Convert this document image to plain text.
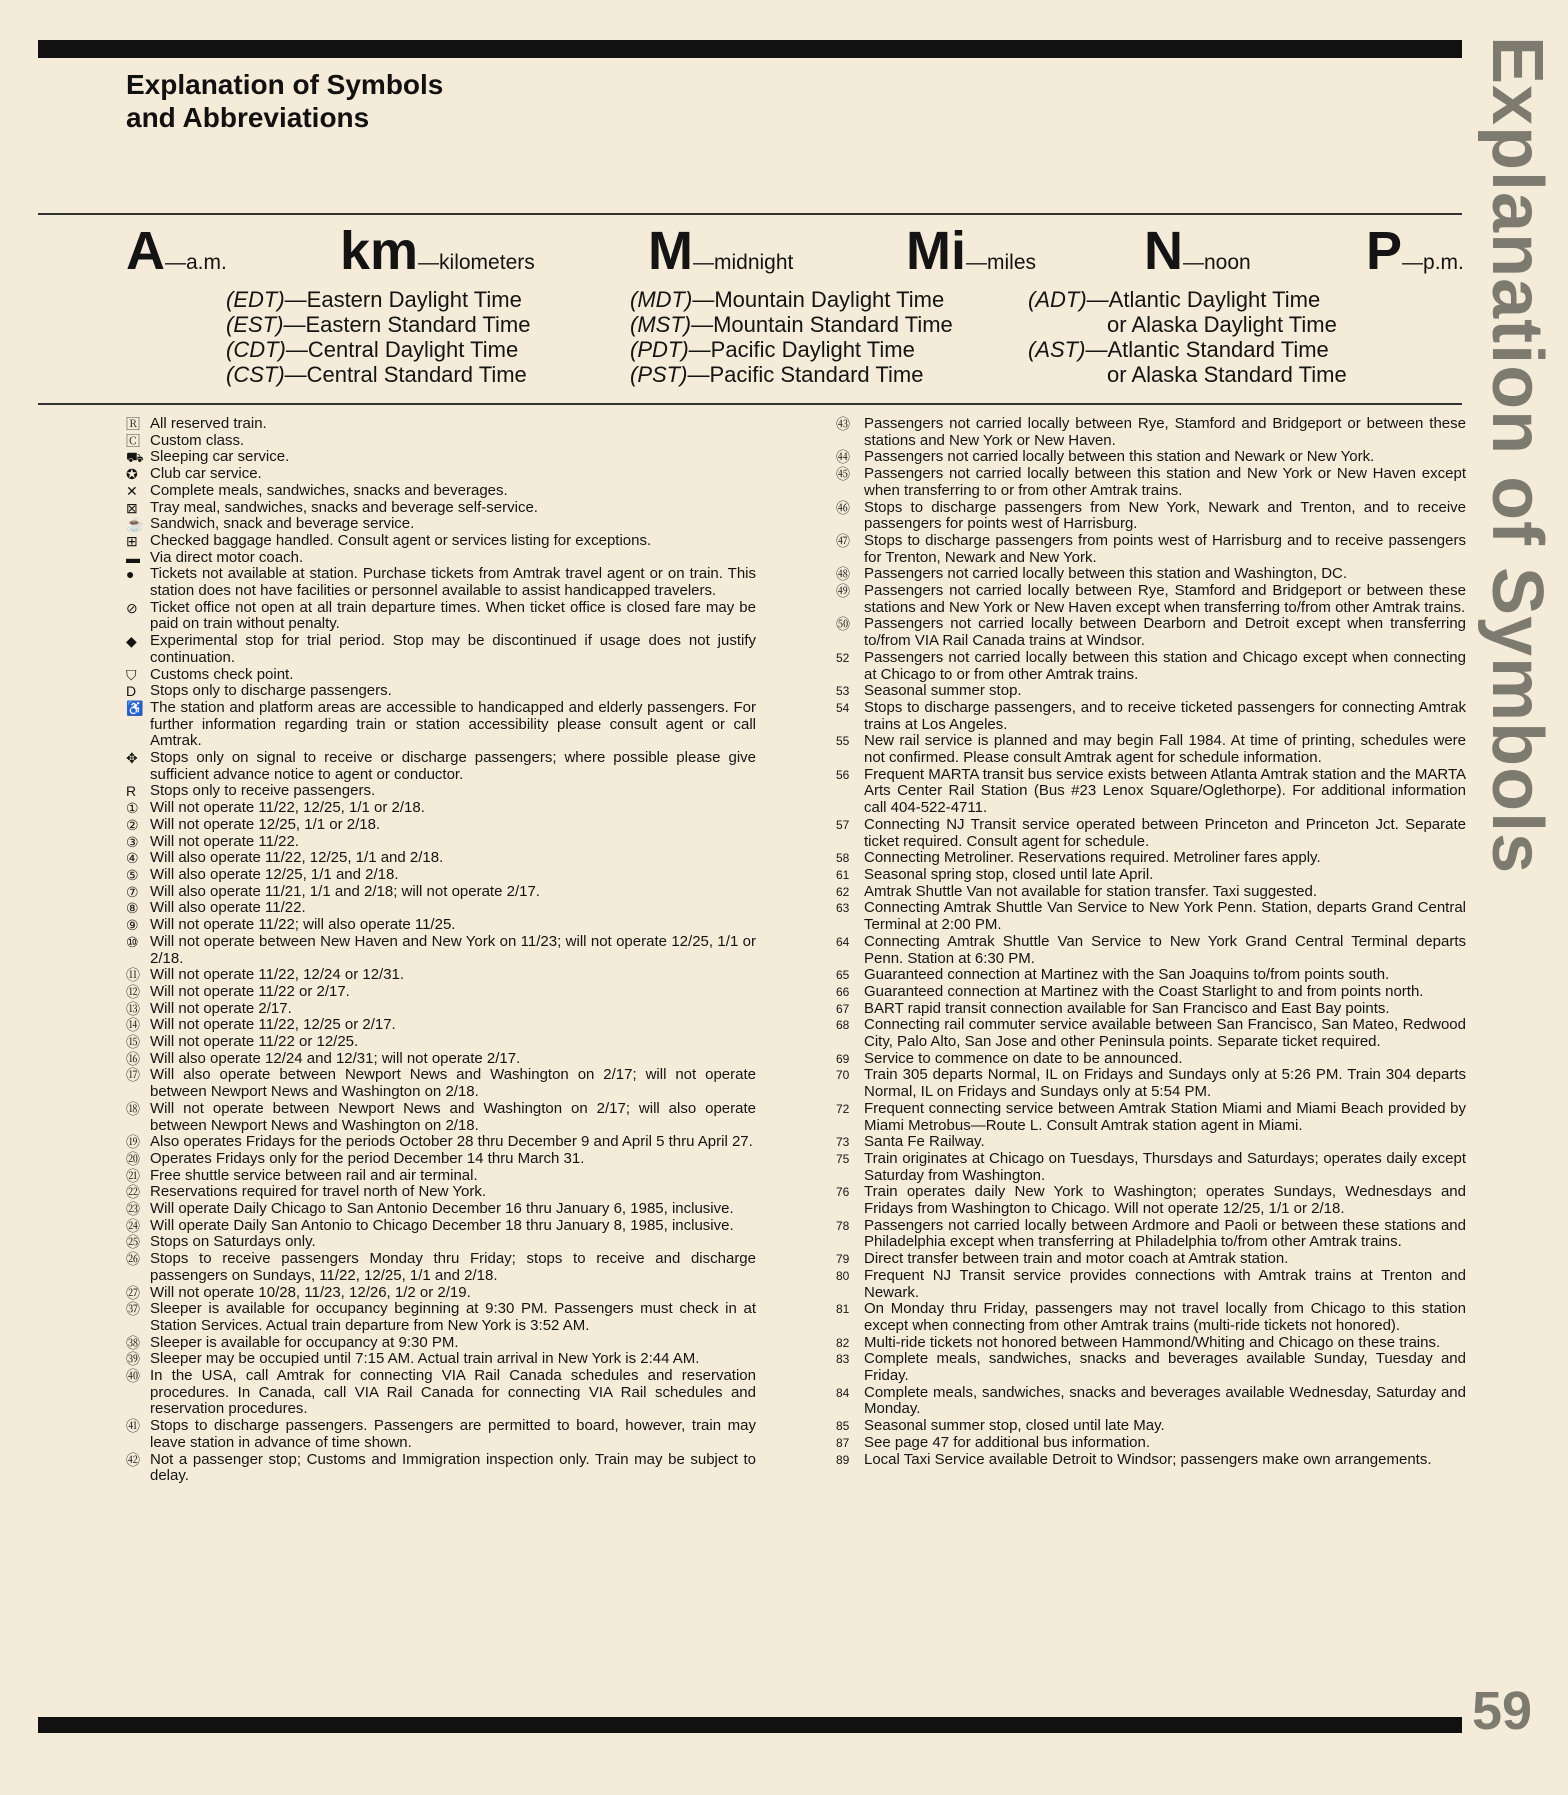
Explanation of Symbols
and Abbreviations	Explanation of Symbols
A—a.m. km—kilometers M—midnight Mi—miles N—noon P—p.m.
(EDT)—Eastern Daylight Time
(EST)—Eastern Standard Time
(CDT)—Central Daylight Time
(CST)—Central Standard Time
(MDT)—Mountain Daylight Time
(MST)—Mountain Standard Time
(PDT)—Pacific Daylight Time
(PST)—Pacific Standard Time
(ADT)—Atlantic Daylight Time
or Alaska Daylight Time
(AST)—Atlantic Standard Time
or Alaska Standard Time
🅁 All reserved train.
🄲 Custom class.
⛟ Sleeping car service.
✪ Club car service.
✕ Complete meals, sandwiches, snacks and beverages.
⊠ Tray meal, sandwiches, snacks and beverage self-service.
☕ Sandwich, snack and beverage service.
⊞ Checked baggage handled. Consult agent or services listing for exceptions.
▬ Via direct motor coach.
●	Tickets not available at station. Purchase tickets from Amtrak travel agent or on train. This station does not have facilities or personnel available to assist handicapped travelers.
⊘ Ticket office not open at all train departure times. When ticket office is closed fare may be paid on train without penalty.
◆ Experimental stop for trial period. Stop may be discontinued if usage does not justify continuation.
⛉ Customs check point.
D Stops only to discharge passengers.
♿ The station and platform areas are accessible to handicapped and elderly passengers. For further information regarding train or station accessibility please consult agent or call Amtrak.
✥ Stops only on signal to receive or discharge passengers; where possible please give sufficient advance notice to agent or conductor.
R Stops only to receive passengers.
① Will not operate 11/22, 12/25, 1/1 or 2/18.
② Will not operate 12/25, 1/1 or 2/18.
③ Will not operate 11/22.
④ Will also operate 11/22, 12/25, 1/1 and 2/18.
⑤ Will also operate 12/25, 1/1 and 2/18.
⑦ Will also operate 11/21, 1/1 and 2/18; will not operate 2/17.
⑧ Will also operate 11/22.
⑨ Will not operate 11/22; will also operate 11/25.
⑩ Will not operate between New Haven and New York on 11/23; will not operate 12/25, 1/1 or 2/18.
⑪ Will not operate 11/22, 12/24 or 12/31.
⑫ Will not operate 11/22 or 2/17.
⑬ Will not operate 2/17.
⑭ Will not operate 11/22, 12/25 or 2/17.
⑮ Will not operate 11/22 or 12/25.
⑯ Will also operate 12/24 and 12/31; will not operate 2/17.
⑰ Will also operate between Newport News and Washington on 2/17; will not operate between Newport News and Washington on 2/18.
⑱ Will not operate between Newport News and Washington on 2/17; will also operate between Newport News and Washington on 2/18.
⑲ Also operates Fridays for the periods October 28 thru December 9 and April 5 thru April 27.
⑳ Operates Fridays only for the period December 14 thru March 31.
㉑ Free shuttle service between rail and air terminal.
㉒ Reservations required for travel north of New York.
㉓ Will operate Daily Chicago to San Antonio December 16 thru January 6, 1985, inclusive.
㉔ Will operate Daily San Antonio to Chicago December 18 thru January 8, 1985, inclusive.
㉕ Stops on Saturdays only.
㉖ Stops to receive passengers Monday thru Friday; stops to receive and discharge passengers on Sundays, 11/22, 12/25, 1/1 and 2/18.
㉗ Will not operate 10/28, 11/23, 12/26, 1/2 or 2/19.
㊲ Sleeper is available for occupancy beginning at 9:30 PM. Passengers must check in at Station Services. Actual train departure from New York is 3:52 AM.
㊳ Sleeper is available for occupancy at 9:30 PM.
㊴ Sleeper may be occupied until 7:15 AM. Actual train arrival in New York is 2:44 AM.
㊵ In the USA, call Amtrak for connecting VIA Rail Canada schedules and reservation procedures. In Canada, call VIA Rail Canada for connecting VIA Rail schedules and reservation procedures.
㊶ Stops to discharge passengers. Passengers are permitted to board, however, train may leave station in advance of time shown.
㊷ Not a passenger stop; Customs and Immigration inspection only. Train may be subject to delay.
㊸ Passengers not carried locally between Rye, Stamford and Bridgeport or between these stations and New York or New Haven.
㊹ Passengers not carried locally between this station and Newark or New York.
㊺ Passengers not carried locally between this station and New York or New Haven except when transferring to or from other Amtrak trains.
㊻ Stops to discharge passengers from New York, Newark and Trenton, and to receive passengers for points west of Harrisburg.
㊼ Stops to discharge passengers from points west of Harrisburg and to receive passengers for Trenton, Newark and New York.
㊽ Passengers not carried locally between this station and Washington, DC.
㊾ Passengers not carried locally between Rye, Stamford and Bridgeport or between these stations and New York or New Haven except when transferring to/from other Amtrak trains.
㊿ Passengers not carried locally between Dearborn and Detroit except when transferring to/from VIA Rail Canada trains at Windsor.
52 Passengers not carried locally between this station and Chicago except when connecting at Chicago to or from other Amtrak trains.
53 Seasonal summer stop.
54 Stops to discharge passengers, and to receive ticketed passengers for connecting Amtrak trains at Los Angeles.
55 New rail service is planned and may begin Fall 1984. At time of printing, schedules were not confirmed. Please consult Amtrak agent for schedule information.
56 Frequent MARTA transit bus service exists between Atlanta Amtrak station and the MARTA Arts Center Rail Station (Bus #23 Lenox Square/Oglethorpe). For additional information call 404-522-4711.
57 Connecting NJ Transit service operated between Princeton and Princeton Jct. Separate ticket required. Consult agent for schedule.
58 Connecting Metroliner. Reservations required. Metroliner fares apply.
61 Seasonal spring stop, closed until late April.
62 Amtrak Shuttle Van not available for station transfer. Taxi suggested.
63 Connecting Amtrak Shuttle Van Service to New York Penn. Station, departs Grand Central Terminal at 2:00 PM.
64 Connecting Amtrak Shuttle Van Service to New York Grand Central Terminal departs Penn. Station at 6:30 PM.
65 Guaranteed connection at Martinez with the San Joaquins to/from points south.
66 Guaranteed connection at Martinez with the Coast Starlight to and from points north.
67 BART rapid transit connection available for San Francisco and East Bay points.
68 Connecting rail commuter service available between San Francisco, San Mateo, Redwood City, Palo Alto, San Jose and other Peninsula points. Separate ticket required.
69 Service to commence on date to be announced.
70 Train 305 departs Normal, IL on Fridays and Sundays only at 5:26 PM. Train 304 departs Normal, IL on Fridays and Sundays only at 5:54 PM.
72 Frequent connecting service between Amtrak Station Miami and Miami Beach provided by Miami Metrobus—Route L. Consult Amtrak station agent in Miami.
73 Santa Fe Railway.
75 Train originates at Chicago on Tuesdays, Thursdays and Saturdays; operates daily except Saturday from Washington.
76 Train operates daily New York to Washington; operates Sundays, Wednesdays and Fridays from Washington to Chicago. Will not operate 12/25, 1/1 or 2/18.
78 Passengers not carried locally between Ardmore and Paoli or between these stations and Philadelphia except when transferring at Philadelphia to/from other Amtrak trains.
79 Direct transfer between train and motor coach at Amtrak station.
80 Frequent NJ Transit service provides connections with Amtrak trains at Trenton and Newark.
81 On Monday thru Friday, passengers may not travel locally from Chicago to this station except when connecting from other Amtrak trains (multi-ride tickets not honored).
82 Multi-ride tickets not honored between Hammond/Whiting and Chicago on these trains.
83 Complete meals, sandwiches, snacks and beverages available Sunday, Tuesday and Friday.
84 Complete meals, sandwiches, snacks and beverages available Wednesday, Saturday and Monday.
85 Seasonal summer stop, closed until late May.
87 See page 47 for additional bus information.
89 Local Taxi Service available Detroit to Windsor; passengers make own arrangements.
59
